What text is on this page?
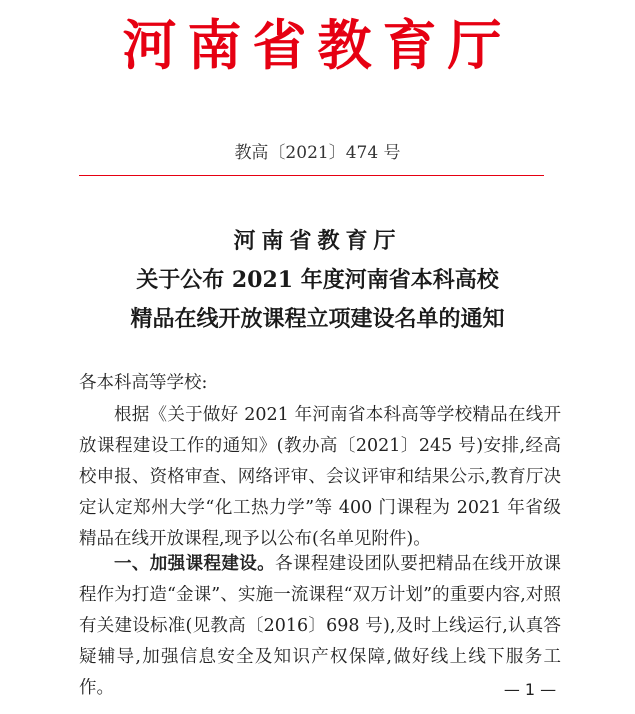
河南省教育厅
教高〔2021〕474 号
河南省教育厅
关于公布 2021 年度河南省本科高校
精品在线开放课程立项建设名单的通知
各本科高等学校:

根据《关于做好 2021 年河南省本科高等学校精品在线开放课程建设工作的通知》(教办高〔2021〕245 号)安排,经高校申报、资格审查、网络评审、会议评审和结果公示,教育厅决定认定郑州大学“化工热力学”等 400 门课程为 2021 年省级精品在线开放课程,现予以公布(名单见附件)。

一、加强课程建设。各课程建设团队要把精品在线开放课程作为打造“金课”、实施一流课程“双万计划”的重要内容,对照有关建设标准(见教高〔2016〕698 号),及时上线运行,认真答疑辅导,加强信息安全及知识产权保障,做好线上线下服务工作。	— 1 —
